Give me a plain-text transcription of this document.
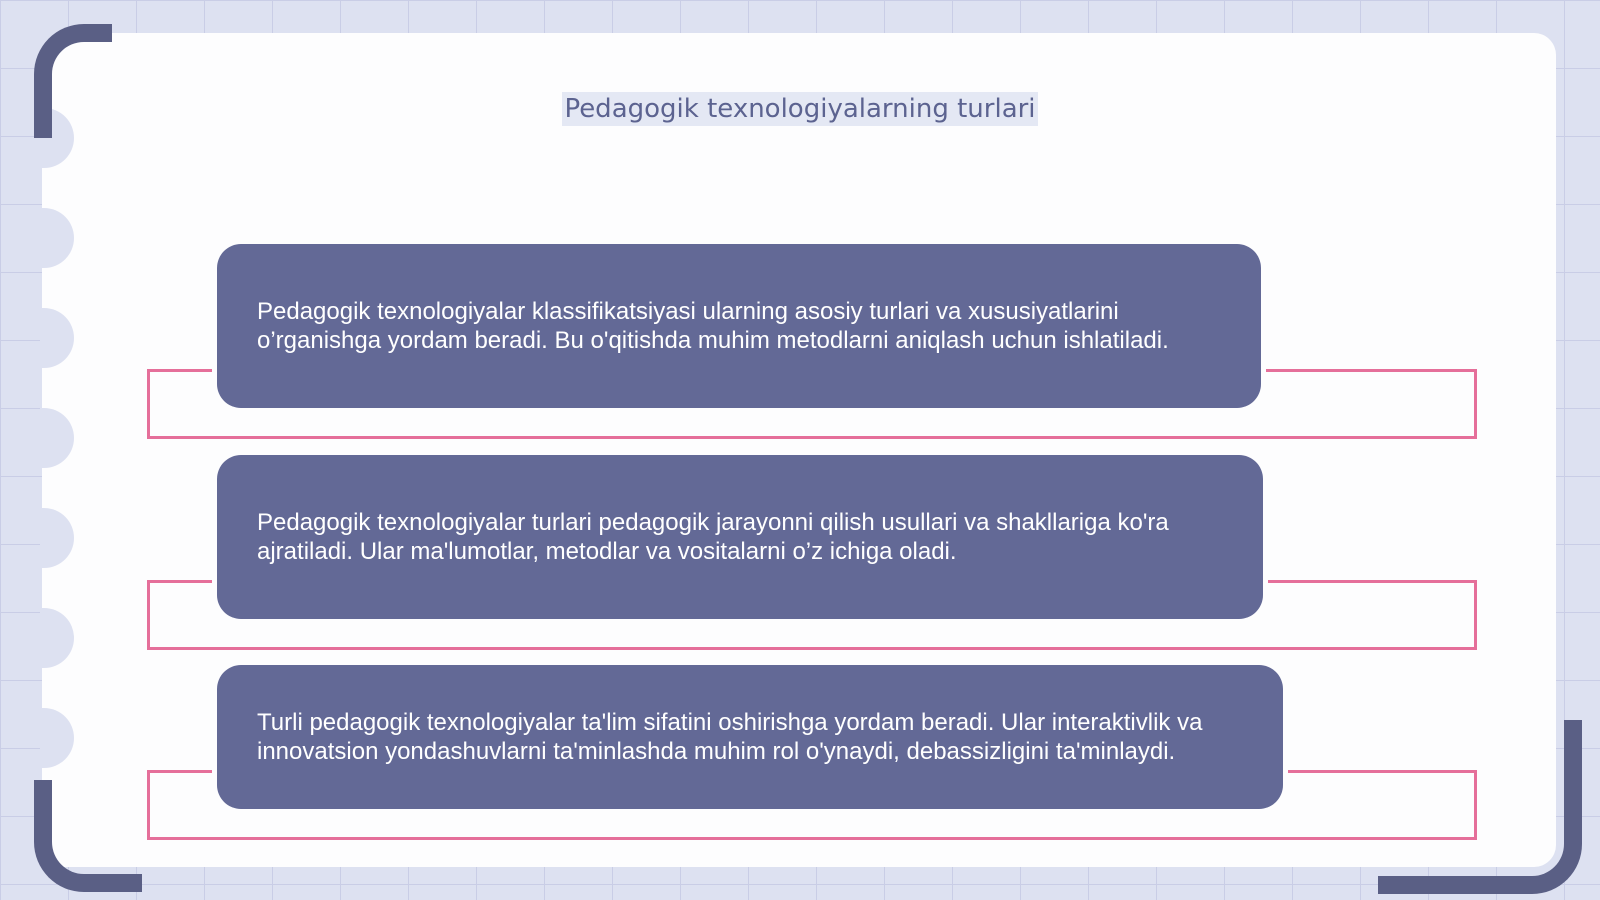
Pedagogik texnologiyalarning turlari

Pedagogik texnologiyalar klassifikatsiyasi ularning asosiy turlari va xususiyatlarini o’rganishga yordam beradi. Bu o'qitishda muhim metodlarni aniqlash uchun ishlatiladi.

Pedagogik texnologiyalar turlari pedagogik jarayonni qilish usullari va shakllariga ko'ra ajratiladi. Ular ma'lumotlar, metodlar va vositalarni o’z ichiga oladi.

Turli pedagogik texnologiyalar ta'lim sifatini oshirishga yordam beradi. Ular interaktivlik va innovatsion yondashuvlarni ta'minlashda muhim rol o'ynaydi, debassizligini ta'minlaydi.
